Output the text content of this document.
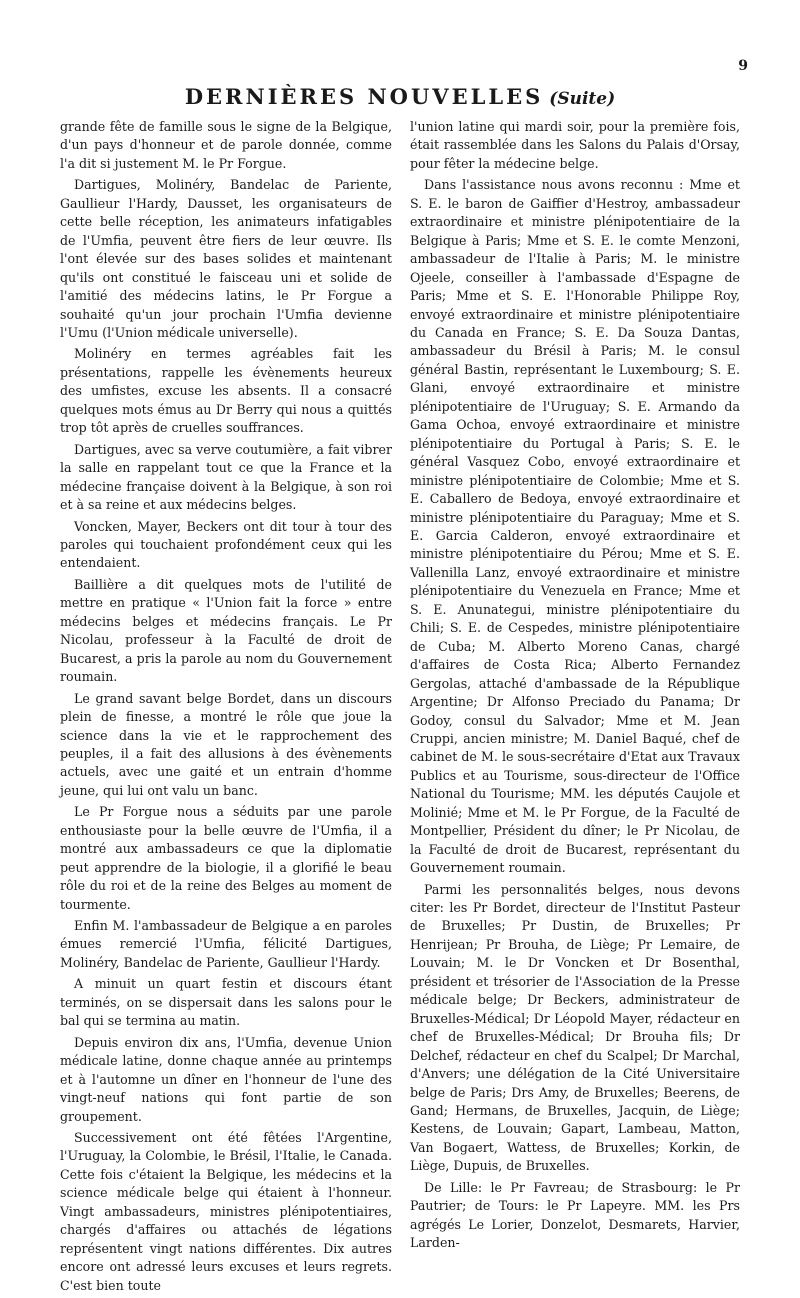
9
DERNIÈRES NOUVELLES (Suite)

grande fête de famille sous le signe de la Belgique, d'un pays d'honneur et de parole donnée, comme l'a dit si justement M. le Pr Forgue.

Dartigues, Molinéry, Bandelac de Pariente, Gaullieur l'Hardy, Dausset, les organisateurs de cette belle réception, les animateurs infatigables de l'Umfia, peuvent être fiers de leur œuvre. Ils l'ont élevée sur des bases solides et maintenant qu'ils ont constitué le faisceau uni et solide de l'amitié des médecins latins, le Pr Forgue a souhaité qu'un jour prochain l'Umfia devienne l'Umu (l'Union médicale universelle).

Molinéry en termes agréables fait les présentations, rappelle les évènements heureux des umfistes, excuse les absents. Il a consacré quelques mots émus au Dr Berry qui nous a quittés trop tôt après de cruelles souffrances.

Dartigues, avec sa verve coutumière, a fait vibrer la salle en rappelant tout ce que la France et la médecine française doivent à la Belgique, à son roi et à sa reine et aux médecins belges.

Voncken, Mayer, Beckers ont dit tour à tour des paroles qui touchaient profondément ceux qui les entendaient.

Baillière a dit quelques mots de l'utilité de mettre en pratique « l'Union fait la force » entre médecins belges et médecins français. Le Pr Nicolau, professeur à la Faculté de droit de Bucarest, a pris la parole au nom du Gouvernement roumain.

Le grand savant belge Bordet, dans un discours plein de finesse, a montré le rôle que joue la science dans la vie et le rapprochement des peuples, il a fait des allusions à des évènements actuels, avec une gaité et un entrain d'homme jeune, qui lui ont valu un banc.

Le Pr Forgue nous a séduits par une parole enthousiaste pour la belle œuvre de l'Umfia, il a montré aux ambassadeurs ce que la diplomatie peut apprendre de la biologie, il a glorifié le beau rôle du roi et de la reine des Belges au moment de tourmente.

Enfin M. l'ambassadeur de Belgique a en paroles émues remercié l'Umfia, félicité Dartigues, Molinéry, Bandelac de Pariente, Gaullieur l'Hardy.

A minuit un quart festin et discours étant terminés, on se dispersait dans les salons pour le bal qui se termina au matin.

Depuis environ dix ans, l'Umfia, devenue Union médicale latine, donne chaque année au printemps et à l'automne un dîner en l'honneur de l'une des vingt-neuf nations qui font partie de son groupement.

Successivement ont été fêtées l'Argentine, l'Uruguay, la Colombie, le Brésil, l'Italie, le Canada. Cette fois c'étaient la Belgique, les médecins et la science médicale belge qui étaient à l'honneur. Vingt ambassadeurs, ministres plénipotentiaires, chargés d'affaires ou attachés de légations représentent vingt nations différentes. Dix autres encore ont adressé leurs excuses et leurs regrets. C'est bien toute

l'union latine qui mardi soir, pour la première fois, était rassemblée dans les Salons du Palais d'Orsay, pour fêter la médecine belge.

Dans l'assistance nous avons reconnu : Mme et S. E. le baron de Gaiffier d'Hestroy, ambassadeur extraordinaire et ministre plénipotentiaire de la Belgique à Paris; Mme et S. E. le comte Menzoni, ambassadeur de l'Italie à Paris; M. le ministre Ojeele, conseiller à l'ambassade d'Espagne de Paris; Mme et S. E. l'Honorable Philippe Roy, envoyé extraordinaire et ministre plénipotentiaire du Canada en France; S. E. Da Souza Dantas, ambassadeur du Brésil à Paris; M. le consul général Bastin, représentant le Luxembourg; S. E. Glani, envoyé extraordinaire et ministre plénipotentiaire de l'Uruguay; S. E. Armando da Gama Ochoa, envoyé extraordinaire et ministre plénipotentiaire du Portugal à Paris; S. E. le général Vasquez Cobo, envoyé extraordinaire et ministre plénipotentiaire de Colombie; Mme et S. E. Caballero de Bedoya, envoyé extraordinaire et ministre plénipotentiaire du Paraguay; Mme et S. E. Garcia Calderon, envoyé extraordinaire et ministre plénipotentiaire du Pérou; Mme et S. E. Vallenilla Lanz, envoyé extraordinaire et ministre plénipotentiaire du Venezuela en France; Mme et S. E. Anunategui, ministre plénipotentiaire du Chili; S. E. de Cespedes, ministre plénipotentiaire de Cuba; M. Alberto Moreno Canas, chargé d'affaires de Costa Rica; Alberto Fernandez Gergolas, attaché d'ambassade de la République Argentine; Dr Alfonso Preciado du Panama; Dr Godoy, consul du Salvador; Mme et M. Jean Cruppi, ancien ministre; M. Daniel Baqué, chef de cabinet de M. le sous-secrétaire d'Etat aux Travaux Publics et au Tourisme, sous-directeur de l'Office National du Tourisme; MM. les députés Caujole et Molinié; Mme et M. le Pr Forgue, de la Faculté de Montpellier, Président du dîner; le Pr Nicolau, de la Faculté de droit de Bucarest, représentant du Gouvernement roumain.

Parmi les personnalités belges, nous devons citer: les Pr Bordet, directeur de l'Institut Pasteur de Bruxelles; Pr Dustin, de Bruxelles; Pr Henrijean; Pr Brouha, de Liège; Pr Lemaire, de Louvain; M. le Dr Voncken et Dr Bosenthal, président et trésorier de l'Association de la Presse médicale belge; Dr Beckers, administrateur de Bruxelles-Médical; Dr Léopold Mayer, rédacteur en chef de Bruxelles-Médical; Dr Brouha fils; Dr Delchef, rédacteur en chef du Scalpel; Dr Marchal, d'Anvers; une délégation de la Cité Universitaire belge de Paris; Drs Amy, de Bruxelles; Beerens, de Gand; Hermans, de Bruxelles, Jacquin, de Liège; Kestens, de Louvain; Gapart, Lambeau, Matton, Van Bogaert, Wattess, de Bruxelles; Korkin, de Liège, Dupuis, de Bruxelles.

De Lille: le Pr Favreau; de Strasbourg: le Pr Pautrier; de Tours: le Pr Lapeyre. MM. les Prs agrégés Le Lorier, Donzelot, Desmarets, Harvier, Larden-
